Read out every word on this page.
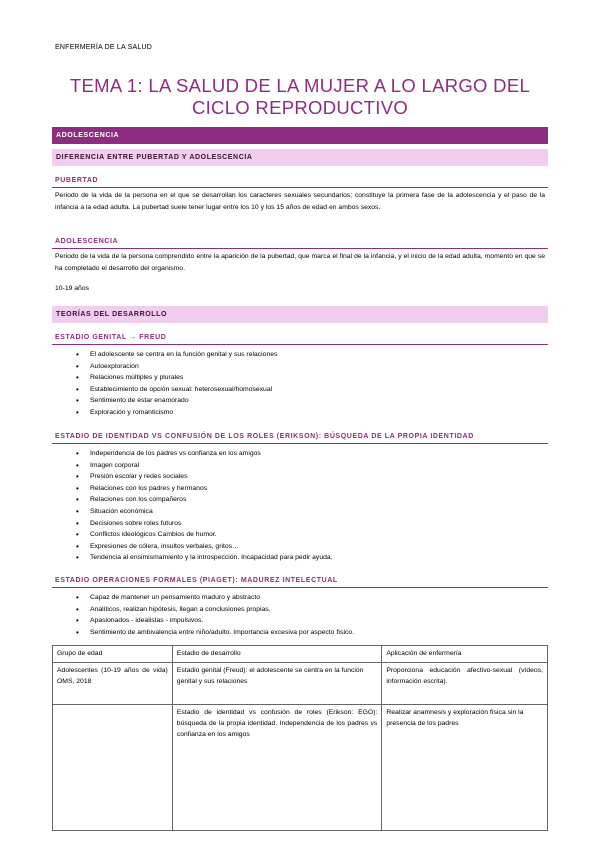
ENFERMERÍA DE LA SALUD
TEMA 1: LA SALUD DE LA MUJER A LO LARGO DEL CICLO REPRODUCTIVO
ADOLESCENCIA
DIFERENCIA ENTRE PUBERTAD Y ADOLESCENCIA
PUBERTAD
Periodo de la vida de la persona en el que se desarrollan los caracteres sexuales secundarios; constituye la primera fase de la adolescencia y el paso de la infancia a la edad adulta. La pubertad suele tener lugar entre los 10 y los 15 años de edad en ambos sexos.
ADOLESCENCIA
Periodo de la vida de la persona comprendido entre la aparición de la pubertad, que marca el final de la infancia, y el inicio de la edad adulta, momento en que se ha completado el desarrollo del organismo.
10-19 años
TEORÍAS DEL DESARROLLO
ESTADIO GENITAL → FREUD
• El adolescente se centra en la función genital y sus relaciones
• Autoexploración
• Relaciones múltiples y plurales
• Establecimiento de opción sexual: heterosexual/homosexual
• Sentimiento de estar enamorado
• Exploración y romanticismo
ESTADIO DE IDENTIDAD VS CONFUSIÓN DE LOS ROLES (ERIKSON): BÚSQUEDA DE LA PROPIA IDENTIDAD
• Independencia de los padres vs confianza en los amigos
• Imagen corporal
• Presión escolar y redes sociales
• Relaciones con los padres y hermanos
• Relaciones con los compañeros
• Situación económica
• Decisiones sobre roles futuros
• Conflictos ideológicos Cambios de humor.
• Expresiones de cólera, insultos verbales, gritos…
• Tendencia al ensimismamiento y la introspección. Incapacidad para pedir ayuda.
ESTADIO OPERACIONES FORMALES (PIAGET): MADUREZ INTELECTUAL
• Capaz de mantener un pensamiento maduro y abstracto
• Analíticos, realizan hipótesis, llegan a conclusiones propias.
• Apasionados - idealistas - impulsivos.
• Sentimiento de ambivalencia entre niño/adulto. Importancia excesiva por aspecto físico.
Grupo de edad	Estadio de desarrollo	Aplicación de enfermería
Adolescentes (10-19 años de vida) OMS, 2018	Estadio genital (Freud): el adolescente se centra en la función genital y sus relaciones	Proporciona educación afectivo-sexual (vídeos, información escrita).
	Estadio de identidad vs confusión de roles (Erikson: EGO): búsqueda de la propia identidad. Independencia de los padres vs confianza en los amigos	Realizar anamnesis y exploración física sin la presencia de los padres
